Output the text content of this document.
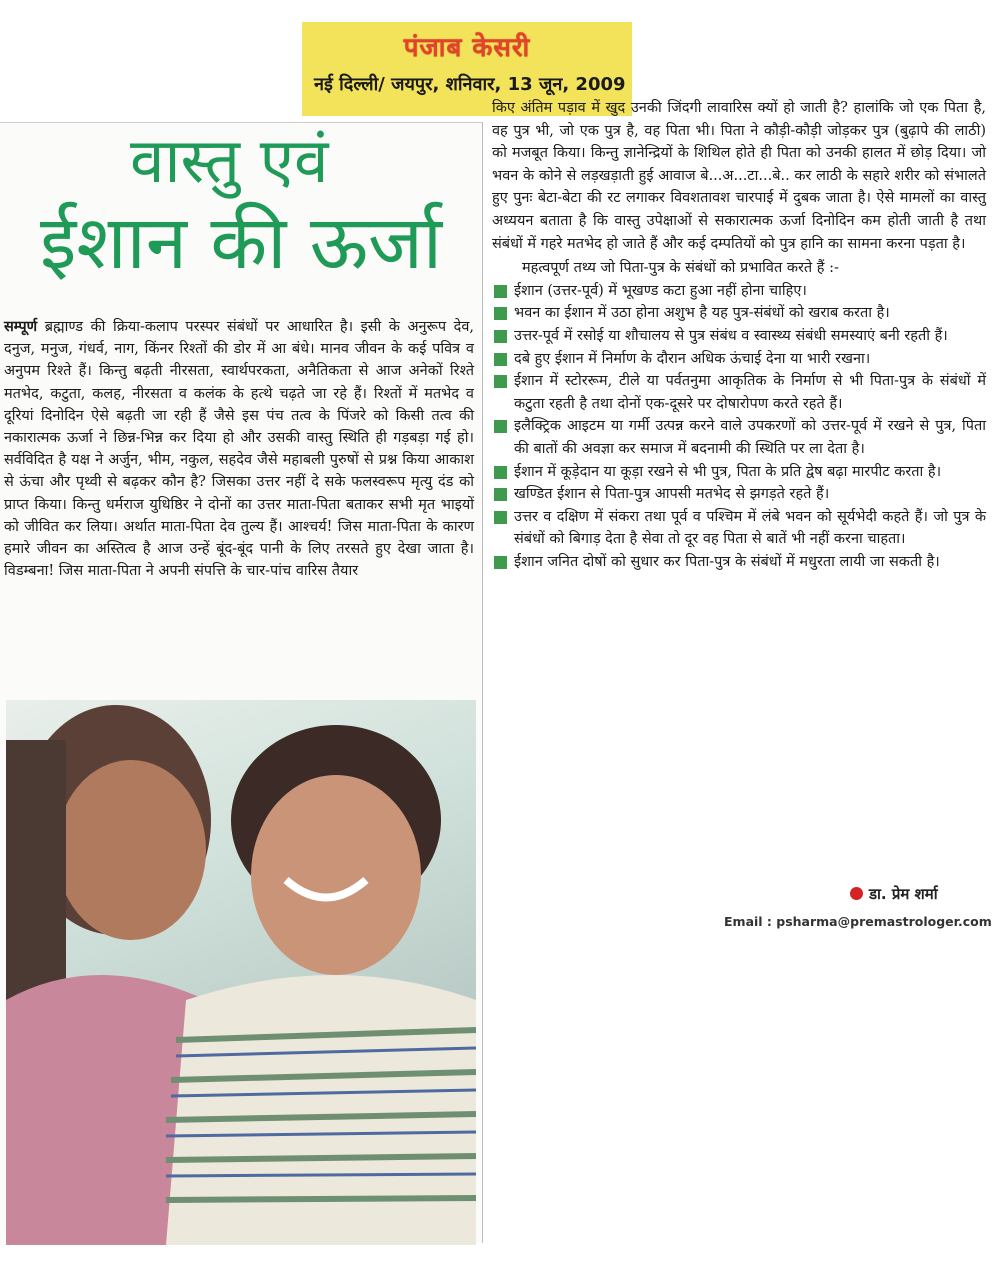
पंजाब केसरी
नई दिल्ली/ जयपुर, शनिवार, 13 जून, 2009
वास्तु एवं
ईशान की ऊर्जा
सम्पूर्ण ब्रह्माण्ड की क्रिया-कलाप परस्पर संबंधों पर आधारित है। इसी के अनुरूप देव, दनुज, मनुज, गंधर्व, नाग, किंनर रिश्तों की डोर में आ बंधे। मानव जीवन के कई पवित्र व अनुपम रिश्ते हैं। किन्तु बढ़ती नीरसता, स्वार्थपरकता, अनैतिकता से आज अनेकों रिश्ते मतभेद, कटुता, कलह, नीरसता व कलंक के हत्थे चढ़ते जा रहे हैं। रिश्तों में मतभेद व दूरियां दिनोदिन ऐसे बढ़ती जा रही हैं जैसे इस पंच तत्व के पिंजरे को किसी तत्व की नकारात्मक ऊर्जा ने छिन्न-भिन्न कर दिया हो और उसकी वास्तु स्थिति ही गड़बड़ा गई हो। सर्वविदित है यक्ष ने अर्जुन, भीम, नकुल, सहदेव जैसे महाबली पुरुषों से प्रश्न किया आकाश से ऊंचा और पृथ्वी से बढ़कर कौन है? जिसका उत्तर नहीं दे सके फलस्वरूप मृत्यु दंड को प्राप्त किया। किन्तु धर्मराज युधिष्ठिर ने दोनों का उत्तर माता-पिता बताकर सभी मृत भाइयों को जीवित कर लिया। अर्थात माता-पिता देव तुल्य हैं। आश्चर्य! जिस माता-पिता के कारण हमारे जीवन का अस्तित्व है आज उन्हें बूंद-बूंद पानी के लिए तरसते हुए देखा जाता है। विडम्बना! जिस माता-पिता ने अपनी संपत्ति के चार-पांच वारिस तैयार

किए अंतिम पड़ाव में खुद उनकी जिंदगी लावारिस क्यों हो जाती है? हालांकि जो एक पिता है, वह पुत्र भी, जो एक पुत्र है, वह पिता भी। पिता ने कौड़ी-कौड़ी जोड़कर पुत्र (बुढ़ापे की लाठी) को मजबूत किया। किन्तु ज्ञानेन्द्रियों के शिथिल होते ही पिता को उनकी हालत में छोड़ दिया। जो भवन के कोने से लड़खड़ाती हुई आवाज बे...अ...टा...बे.. कर लाठी के सहारे शरीर को संभालते हुए पुनः बेटा-बेटा की रट लगाकर विवशतावश चारपाई में दुबक जाता है। ऐसे मामलों का वास्तु अध्ययन बताता है कि वास्तु उपेक्षाओं से सकारात्मक ऊर्जा दिनोदिन कम होती जाती है तथा संबंधों में गहरे मतभेद हो जाते हैं और कई दम्पतियों को पुत्र हानि का सामना करना पड़ता है।

महत्वपूर्ण तथ्य जो पिता-पुत्र के संबंधों को प्रभावित करते हैं :-

ईशान (उत्तर-पूर्व) में भूखण्ड कटा हुआ नहीं होना चाहिए।
भवन का ईशान में उठा होना अशुभ है यह पुत्र-संबंधों को खराब करता है।
उत्तर-पूर्व में रसोई या शौचालय से पुत्र संबंध व स्वास्थ्य संबंधी समस्याएं बनी रहती हैं।
दबे हुए ईशान में निर्माण के दौरान अधिक ऊंचाई देना या भारी रखना।
ईशान में स्टोररूम, टीले या पर्वतनुमा आकृतिक के निर्माण से भी पिता-पुत्र के संबंधों में कटुता रहती है तथा दोनों एक-दूसरे पर दोषारोपण करते रहते हैं।
इलैक्ट्रिक आइटम या गर्मी उत्पन्न करने वाले उपकरणों को उत्तर-पूर्व में रखने से पुत्र, पिता की बातों की अवज्ञा कर समाज में बदनामी की स्थिति पर ला देता है।
ईशान में कूड़ेदान या कूड़ा रखने से भी पुत्र, पिता के प्रति द्वेष बढ़ा मारपीट करता है।
खण्डित ईशान से पिता-पुत्र आपसी मतभेद से झगड़ते रहते हैं।
उत्तर व दक्षिण में संकरा तथा पूर्व व पश्चिम में लंबे भवन को सूर्यभेदी कहते हैं। जो पुत्र के संबंधों को बिगाड़ देता है सेवा तो दूर वह पिता से बातें भी नहीं करना चाहता।
ईशान जनित दोषों को सुधार कर पिता-पुत्र के संबंधों में मधुरता लायी जा सकती है।
डा. प्रेम शर्मा
Email : psharma@premastrologer.com
